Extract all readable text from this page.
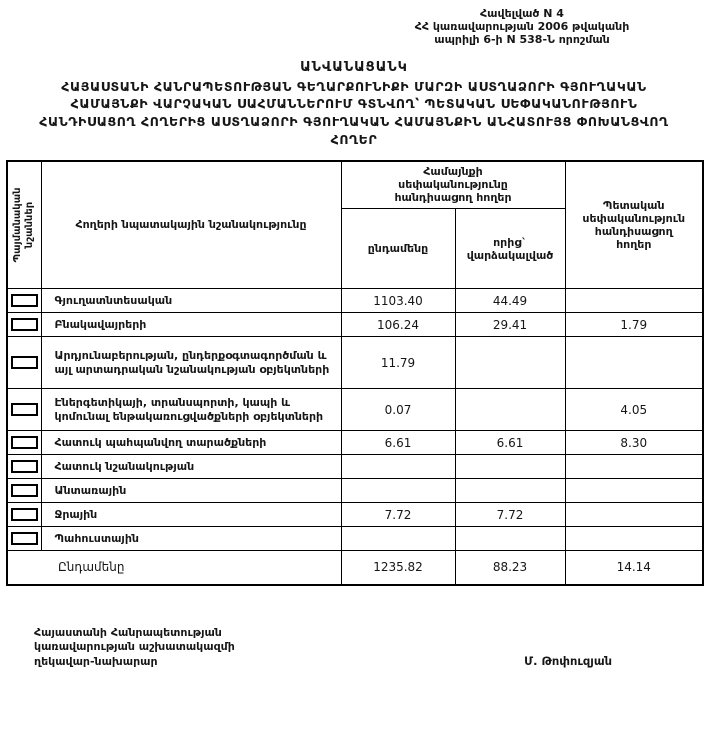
Հավելված N 4
ՀՀ կառավարության 2006 թվականի
ապրիլի 6-ի N 538-Ն որոշման
ԱՆՎԱՆԱՑԱՆԿ
ՀԱՅԱՍՏԱՆԻ ՀԱՆՐԱՊԵՏՈՒԹՅԱՆ ԳԵՂԱՐՔՈՒՆԻՔԻ ՄԱՐԶԻ ԱՍՏՂԱՁՈՐԻ ԳՅՈՒՂԱԿԱՆ
ՀԱՄԱՅՆՔԻ ՎԱՐՉԱԿԱՆ ՍԱՀՄԱՆՆԵՐՈՒՄ ԳՏՆՎՈՂ՝ ՊԵՏԱԿԱՆ ՍԵՓԱԿԱՆՈՒԹՅՈՒՆ
ՀԱՆԴԻՍԱՑՈՂ ՀՈՂԵՐԻՑ ԱՍՏՂԱՁՈՐԻ ԳՅՈՒՂԱԿԱՆ ՀԱՄԱՅՆՔԻՆ ԱՆՀԱՏՈՒՅՑ ՓՈԽԱՆՑՎՈՂ
ՀՈՂԵՐ
Պայմանական նշաններ	Հողերի նպատակային նշանակությունը	Համայնքի սեփականությունը հանդիսացող հողեր		Պետական սեփականություն հանդիսացող հողեր
		ընդամենը	որից` վարձակալված	

	Գյուղատնտեսական	1103.40	44.49	

	Բնակավայրերի	106.24	29.41	1.79

	Արդյունաբերության, ընդերքօգտագործման և այլ արտադրական նշանակության օբյեկտների	11.79		

	Էներգետիկայի, տրանսպորտի, կապի և կոմունալ ենթակառուցվածքների օբյեկտների	0.07		4.05

	Հատուկ պահպանվող տարածքների	6.61	6.61	8.30

	Հատուկ նշանակության			

	Անտառային			

	Ջրային	7.72	7.72	

	Պահուստային			
Ընդամենը		1235.82	88.23	14.14
Հայաստանի Հանրապետության
կառավարության աշխատակազմի
ղեկավար-նախարար	Մ. Թոփուզյան
